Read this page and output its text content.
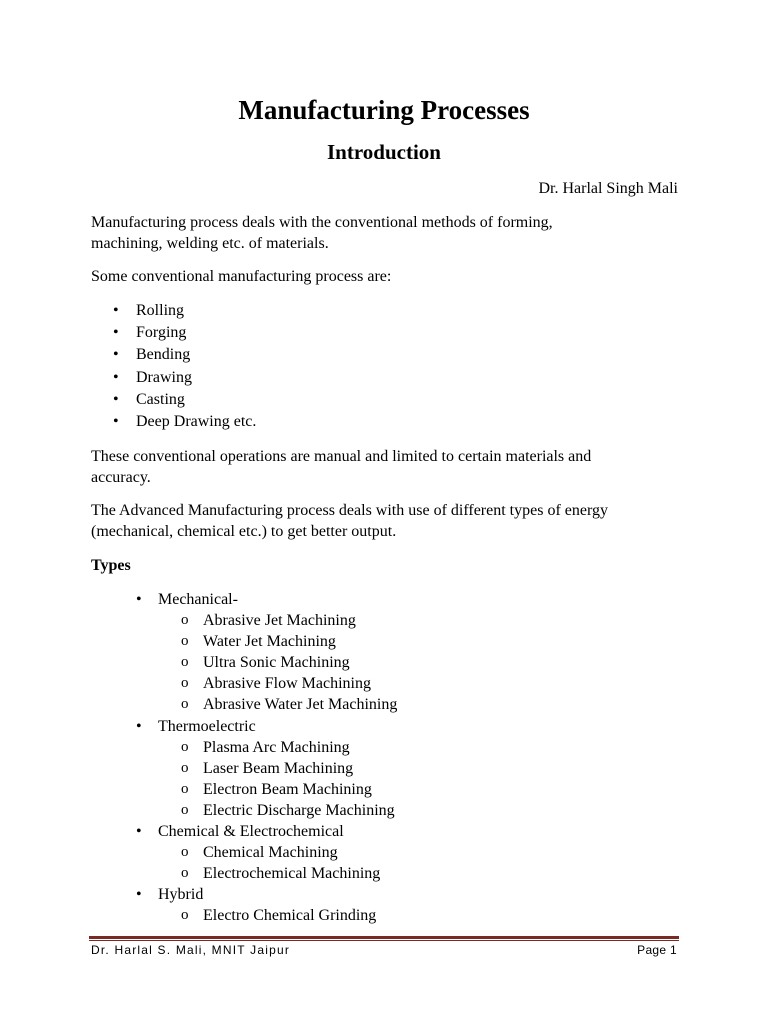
Manufacturing Processes
Introduction
Dr. Harlal Singh Mali
Manufacturing process deals with the conventional methods of forming,
machining, welding etc. of materials.
Some conventional manufacturing process are:
• Rolling
• Forging
• Bending
• Drawing
• Casting
• Deep Drawing etc.
These conventional operations are manual and limited to certain materials and
accuracy.
The Advanced Manufacturing process deals with use of different types of energy
(mechanical, chemical etc.) to get better output.
Types
• Mechanical-
o Abrasive Jet Machining
o Water Jet Machining
o Ultra Sonic Machining
o Abrasive Flow Machining
o Abrasive Water Jet Machining
• Thermoelectric
o Plasma Arc Machining
o Laser Beam Machining
o Electron Beam Machining
o Electric Discharge Machining
• Chemical & Electrochemical
o Chemical Machining
o Electrochemical Machining
• Hybrid
o Electro Chemical Grinding
Dr. Harlal S. Mali, MNIT Jaipur	Page 1
